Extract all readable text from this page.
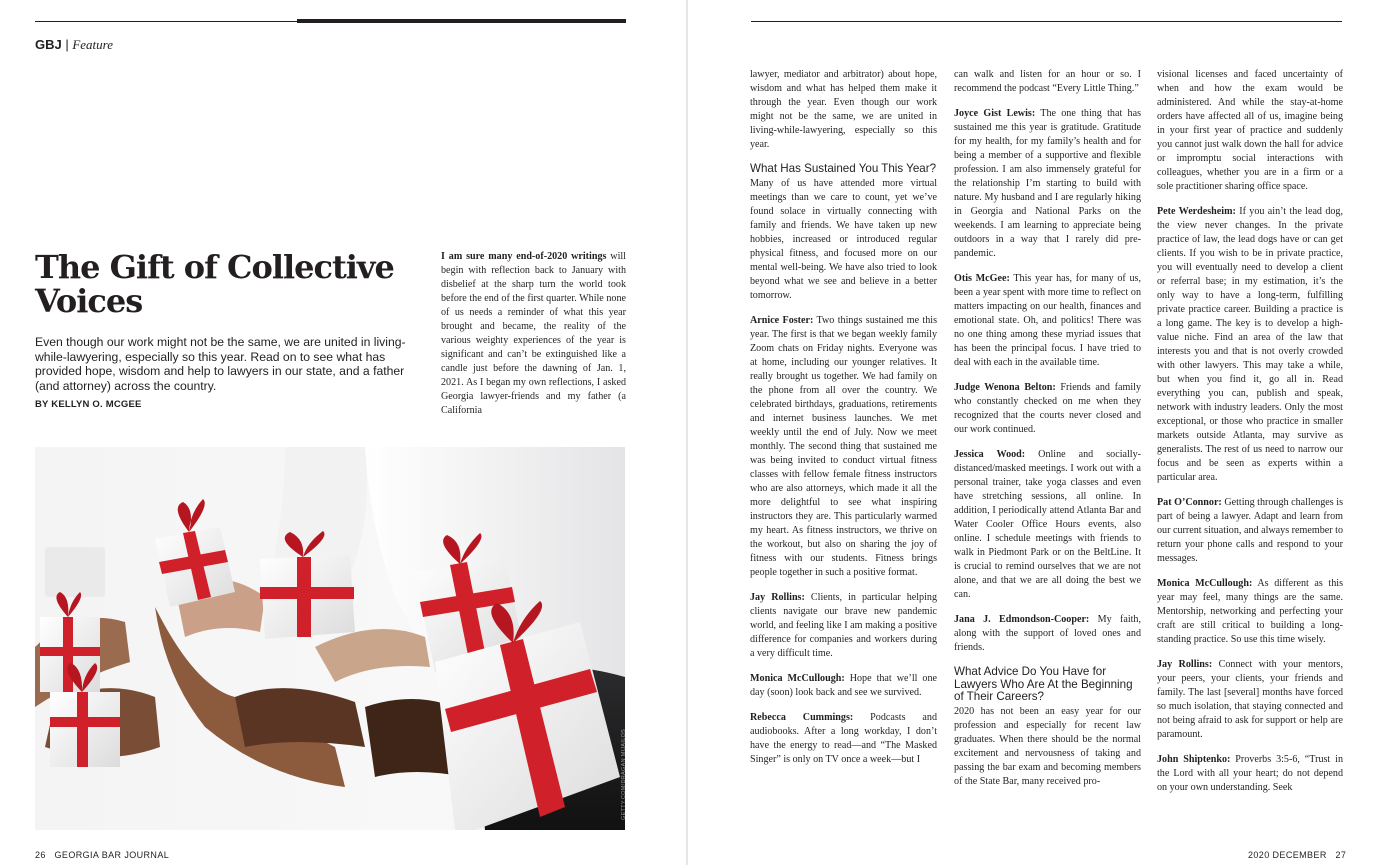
GBJ | Feature
The Gift of Collective Voices

Even though our work might not be the same, we are united in living-while-lawyering, especially so this year. Read on to see what has provided hope, wisdom and help to lawyers in our state, and a father (and attorney) across the country.

BY KELLYN O. MCGEE

I am sure many end-of-2020 writings will begin with reflection back to January with disbelief at the sharp turn the world took before the end of the first quarter. While none of us needs a reminder of what this year brought and became, the reality of the various weighty experiences of the year is significant and can’t be extinguished like a candle just before the dawning of Jan. 1, 2021. As I began my own reflections, I asked Georgia lawyer-friends and my father (a California

GETTY.COM/DRAGAN MIJAILOS
26 GEORGIA BAR JOURNAL

lawyer, mediator and arbitrator) about hope, wisdom and what has helped them make it through the year. Even though our work might not be the same, we are united in living-while-lawyering, especially so this year.

What Has Sustained You This Year?

Many of us have attended more virtual meetings than we care to count, yet we’ve found solace in virtually connecting with family and friends. We have taken up new hobbies, increased or introduced regular physical fitness, and focused more on our mental well-being. We have also tried to look beyond what we see and believe in a better tomorrow.

Arnice Foster: Two things sustained me this year. The first is that we began weekly family Zoom chats on Friday nights. Everyone was at home, including our younger relatives. It really brought us together. We had family on the phone from all over the country. We celebrated birthdays, graduations, retirements and internet business launches. We met weekly until the end of July. Now we meet monthly. The second thing that sustained me was being invited to conduct virtual fitness classes with fellow female fitness instructors who are also attorneys, which made it all the more delightful to see what inspiring instructors they are. This particularly warmed my heart. As fitness instructors, we thrive on the workout, but also on sharing the joy of fitness with our students. Fitness brings people together in such a positive format.

Jay Rollins: Clients, in particular helping clients navigate our brave new pandemic world, and feeling like I am making a positive difference for companies and workers during a very difficult time.

Monica McCullough: Hope that we’ll one day (soon) look back and see we survived.

Rebecca Cummings: Podcasts and audiobooks. After a long workday, I don’t have the energy to read—and “The Masked Singer” is only on TV once a week—but I

can walk and listen for an hour or so. I recommend the podcast “Every Little Thing.”

Joyce Gist Lewis: The one thing that has sustained me this year is gratitude. Gratitude for my health, for my family’s health and for being a member of a supportive and flexible profession. I am also immensely grateful for the relationship I’m starting to build with nature. My husband and I are regularly hiking in Georgia and National Parks on the weekends. I am learning to appreciate being outdoors in a way that I rarely did pre-pandemic.

Otis McGee: This year has, for many of us, been a year spent with more time to reflect on matters impacting on our health, finances and emotional state. Oh, and politics! There was no one thing among these myriad issues that has been the principal focus. I have tried to deal with each in the available time.

Judge Wenona Belton: Friends and family who constantly checked on me when they recognized that the courts never closed and our work continued.

Jessica Wood: Online and socially-distanced/masked meetings. I work out with a personal trainer, take yoga classes and even have stretching sessions, all online. In addition, I periodically attend Atlanta Bar and Water Cooler Office Hours events, also online. I schedule meetings with friends to walk in Piedmont Park or on the BeltLine. It is crucial to remind ourselves that we are not alone, and that we are all doing the best we can.

Jana J. Edmondson-Cooper: My faith, along with the support of loved ones and friends.

What Advice Do You Have for Lawyers Who Are At the Beginning of Their Careers?

2020 has not been an easy year for our profession and especially for recent law graduates. When there should be the normal excitement and nervousness of taking and passing the bar exam and becoming members of the State Bar, many received pro-

visional licenses and faced uncertainty of when and how the exam would be administered. And while the stay-at-home orders have affected all of us, imagine being in your first year of practice and suddenly you cannot just walk down the hall for advice or impromptu social interactions with colleagues, whether you are in a firm or a sole practitioner sharing office space.

Pete Werdesheim: If you ain’t the lead dog, the view never changes. In the private practice of law, the lead dogs have or can get clients. If you wish to be in private practice, you will eventually need to develop a client or referral base; in my estimation, it’s the only way to have a long-term, fulfilling private practice career. Building a practice is a long game. The key is to develop a high-value niche. Find an area of the law that interests you and that is not overly crowded with other lawyers. This may take a while, but when you find it, go all in. Read everything you can, publish and speak, network with industry leaders. Only the most exceptional, or those who practice in smaller markets outside Atlanta, may survive as generalists. The rest of us need to narrow our focus and be seen as experts within a particular area.

Pat O’Connor: Getting through challenges is part of being a lawyer. Adapt and learn from our current situation, and always remember to return your phone calls and respond to your messages.

Monica McCullough: As different as this year may feel, many things are the same. Mentorship, networking and perfecting your craft are still critical to building a long-standing practice. So use this time wisely.

Jay Rollins: Connect with your mentors, your peers, your clients, your friends and family. The last [several] months have forced so much isolation, that staying connected and not being afraid to ask for support or help are paramount.

John Shiptenko: Proverbs 3:5-6, “Trust in the Lord with all your heart; do not depend on your own understanding. Seek

2020 DECEMBER 27
